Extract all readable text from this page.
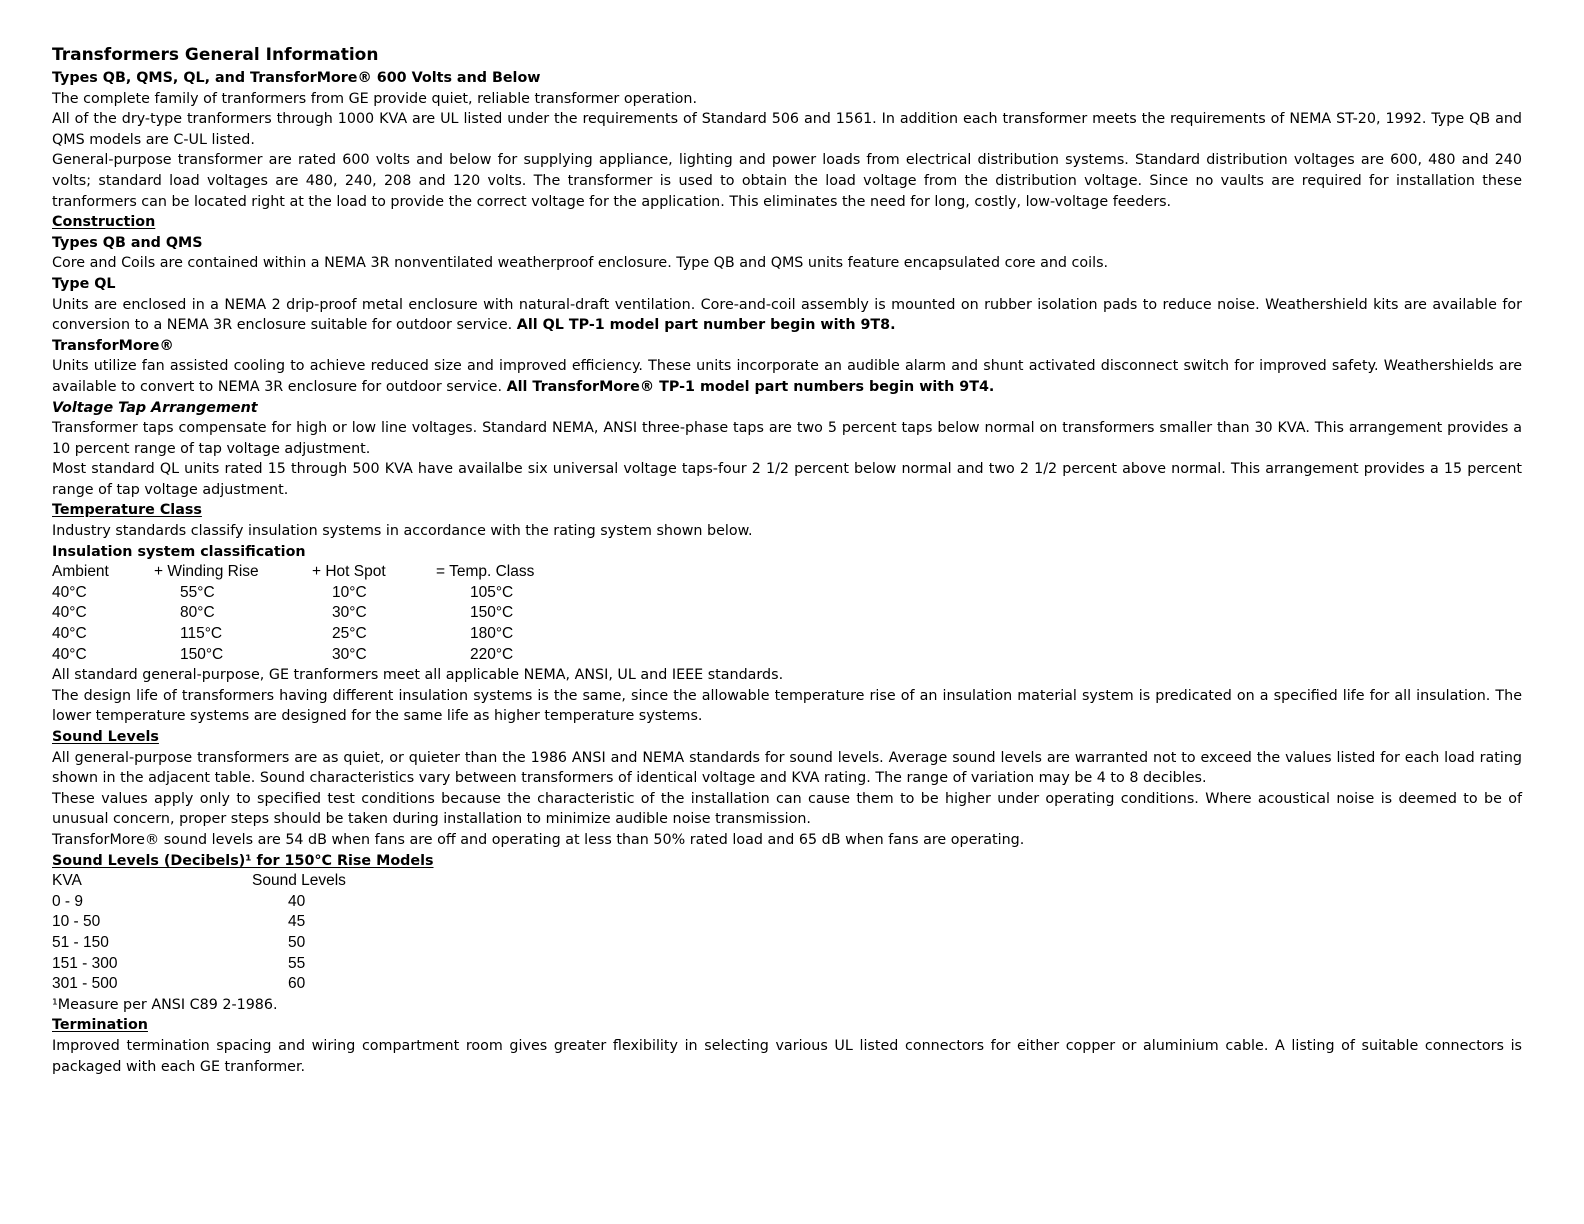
Transformers General Information
Types QB, QMS, QL, and TransforMore® 600 Volts and Below

The complete family of tranformers from GE provide quiet, reliable transformer operation.

All of the dry-type tranformers through 1000 KVA are UL listed under the requirements of Standard 506 and 1561. In addition each transformer meets the requirements of NEMA ST-20, 1992. Type QB and QMS models are C-UL listed.

General-purpose transformer are rated 600 volts and below for supplying appliance, lighting and power loads from electrical distribution systems. Standard distribution voltages are 600, 480 and 240 volts; standard load voltages are 480, 240, 208 and 120 volts. The transformer is used to obtain the load voltage from the distribution voltage. Since no vaults are required for installation these tranformers can be located right at the load to provide the correct voltage for the application. This eliminates the need for long, costly, low-voltage feeders.

Construction
Types QB and QMS

Core and Coils are contained within a NEMA 3R nonventilated weatherproof enclosure. Type QB and QMS units feature encapsulated core and coils.

Type QL

Units are enclosed in a NEMA 2 drip-proof metal enclosure with natural-draft ventilation. Core-and-coil assembly is mounted on rubber isolation pads to reduce noise. Weathershield kits are available for conversion to a NEMA 3R enclosure suitable for outdoor service. All QL TP-1 model part number begin with 9T8.

TransforMore®

Units utilize fan assisted cooling to achieve reduced size and improved efficiency. These units incorporate an audible alarm and shunt activated disconnect switch for improved safety. Weathershields are available to convert to NEMA 3R enclosure for outdoor service. All TransforMore® TP-1 model part numbers begin with 9T4.

Voltage Tap Arrangement

Transformer taps compensate for high or low line voltages. Standard NEMA, ANSI three-phase taps are two 5 percent taps below normal on transformers smaller than 30 KVA. This arrangement provides a 10 percent range of tap voltage adjustment.

Most standard QL units rated 15 through 500 KVA have availalbe six universal voltage taps-four 2 1/2 percent below normal and two 2 1/2 percent above normal. This arrangement provides a 15 percent range of tap voltage adjustment.

Temperature Class

Industry standards classify insulation systems in accordance with the rating system shown below.

Insulation system classification
Ambient	+ Winding Rise	+ Hot Spot	= Temp. Class
40°C	55°C	10°C	105°C
40°C	80°C	30°C	150°C
40°C	115°C	25°C	180°C
40°C	150°C	30°C	220°C

All standard general-purpose, GE tranformers meet all applicable NEMA, ANSI, UL and IEEE standards.

The design life of transformers having different insulation systems is the same, since the allowable temperature rise of an insulation material system is predicated on a specified life for all insulation. The lower temperature systems are designed for the same life as higher temperature systems.

Sound Levels

All general-purpose transformers are as quiet, or quieter than the 1986 ANSI and NEMA standards for sound levels. Average sound levels are warranted not to exceed the values listed for each load rating shown in the adjacent table. Sound characteristics vary between transformers of identical voltage and KVA rating. The range of variation may be 4 to 8 decibles.

These values apply only to specified test conditions because the characteristic of the installation can cause them to be higher under operating conditions. Where acoustical noise is deemed to be of unusual concern, proper steps should be taken during installation to minimize audible noise transmission.

TransforMore® sound levels are 54 dB when fans are off and operating at less than 50% rated load and 65 dB when fans are operating.

Sound Levels (Decibels)¹ for 150°C Rise Models
KVA	Sound Levels
0 - 9	40
10 - 50	45
51 - 150	50
151 - 300	55
301 - 500	60

¹Measure per ANSI C89 2-1986.

Termination

Improved termination spacing and wiring compartment room gives greater flexibility in selecting various UL listed connectors for either copper or aluminium cable. A listing of suitable connectors is packaged with each GE tranformer.
